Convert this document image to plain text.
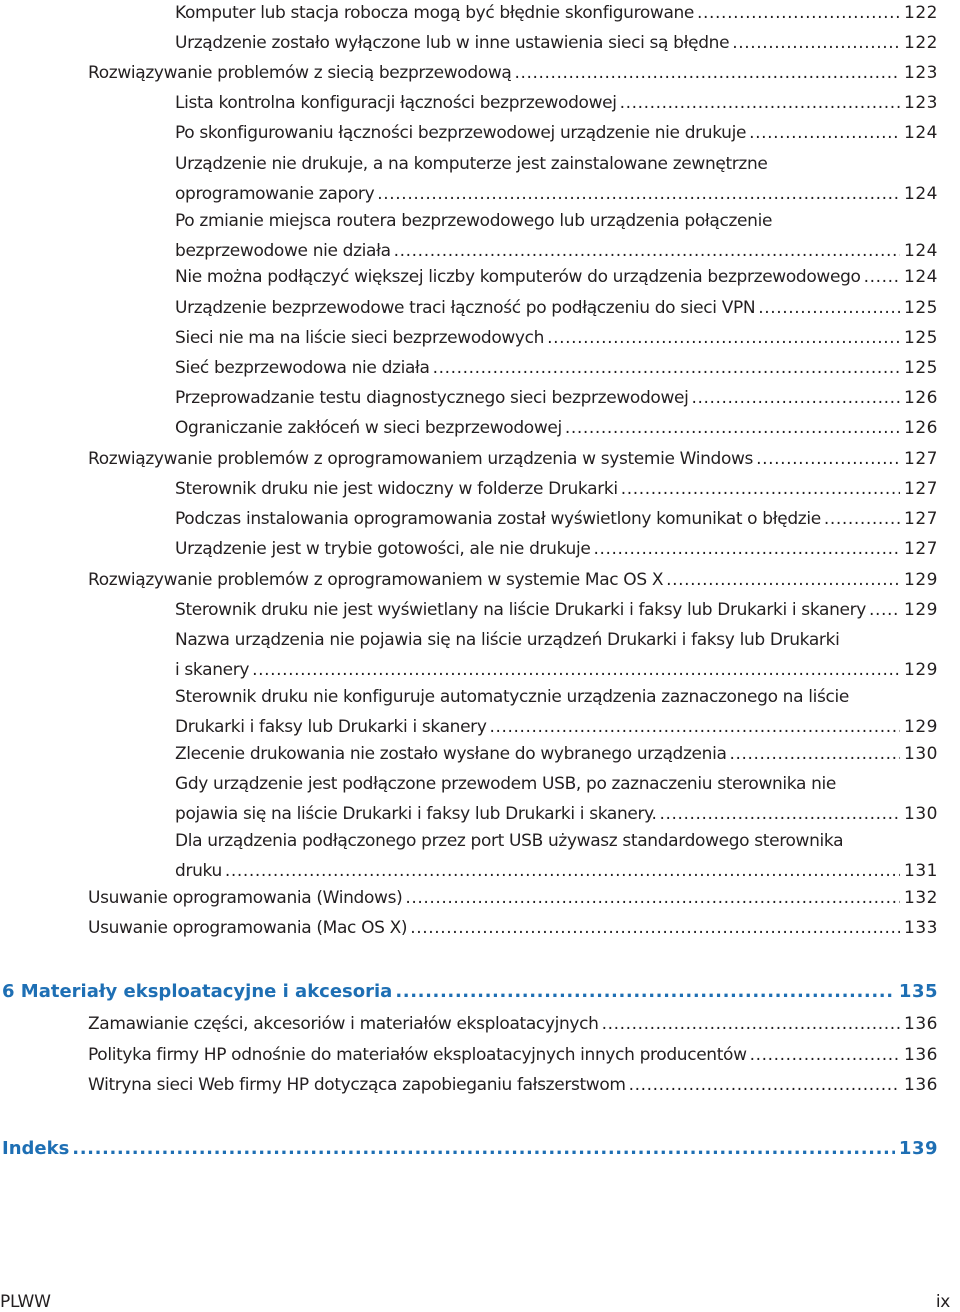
Komputer lub stacja robocza mogą być błędnie skonfigurowane .....	122
Urządzenie zostało wyłączone lub w inne ustawienia sieci są błędne .....	122
Rozwiązywanie problemów z siecią bezprzewodową .....	123
Lista kontrolna konfiguracji łączności bezprzewodowej .....	123
Po skonfigurowaniu łączności bezprzewodowej urządzenie nie drukuje .....	124
Urządzenie nie drukuje, a na komputerze jest zainstalowane zewnętrzne
oprogramowanie zapory .....	124
Po zmianie miejsca routera bezprzewodowego lub urządzenia połączenie
bezprzewodowe nie działa .....	124
Nie można podłączyć większej liczby komputerów do urządzenia bezprzewodowego .....	124
Urządzenie bezprzewodowe traci łączność po podłączeniu do sieci VPN .....	125
Sieci nie ma na liście sieci bezprzewodowych .....	125
Sieć bezprzewodowa nie działa .....	125
Przeprowadzanie testu diagnostycznego sieci bezprzewodowej .....	126
Ograniczanie zakłóceń w sieci bezprzewodowej .....	126
Rozwiązywanie problemów z oprogramowaniem urządzenia w systemie Windows .....	127
Sterownik druku nie jest widoczny w folderze Drukarki .....	127
Podczas instalowania oprogramowania został wyświetlony komunikat o błędzie .....	127
Urządzenie jest w trybie gotowości, ale nie drukuje .....	127
Rozwiązywanie problemów z oprogramowaniem w systemie Mac OS X .....	129
Sterownik druku nie jest wyświetlany na liście Drukarki i faksy lub Drukarki i skanery ..... 129
Nazwa urządzenia nie pojawia się na liście urządzeń Drukarki i faksy lub Drukarki
i skanery .....	129
Sterownik druku nie konfiguruje automatycznie urządzenia zaznaczonego na liście
Drukarki i faksy lub Drukarki i skanery .....	129
Zlecenie drukowania nie zostało wysłane do wybranego urządzenia .....	130
Gdy urządzenie jest podłączone przewodem USB, po zaznaczeniu sterownika nie
pojawia się na liście Drukarki i faksy lub Drukarki i skanery. .....	130
Dla urządzenia podłączonego przez port USB używasz standardowego sterownika
druku .....	131
Usuwanie oprogramowania (Windows) .....	132
Usuwanie oprogramowania (Mac OS X) .....	133
6 Materiały eksploatacyjne i akcesoria .....	135
Zamawianie części, akcesoriów i materiałów eksploatacyjnych .....	136
Polityka firmy HP odnośnie do materiałów eksploatacyjnych innych producentów .....	136
Witryna sieci Web firmy HP dotycząca zapobieganiu fałszerstwom .....	136
Indeks .....	139
PLWW	ix
